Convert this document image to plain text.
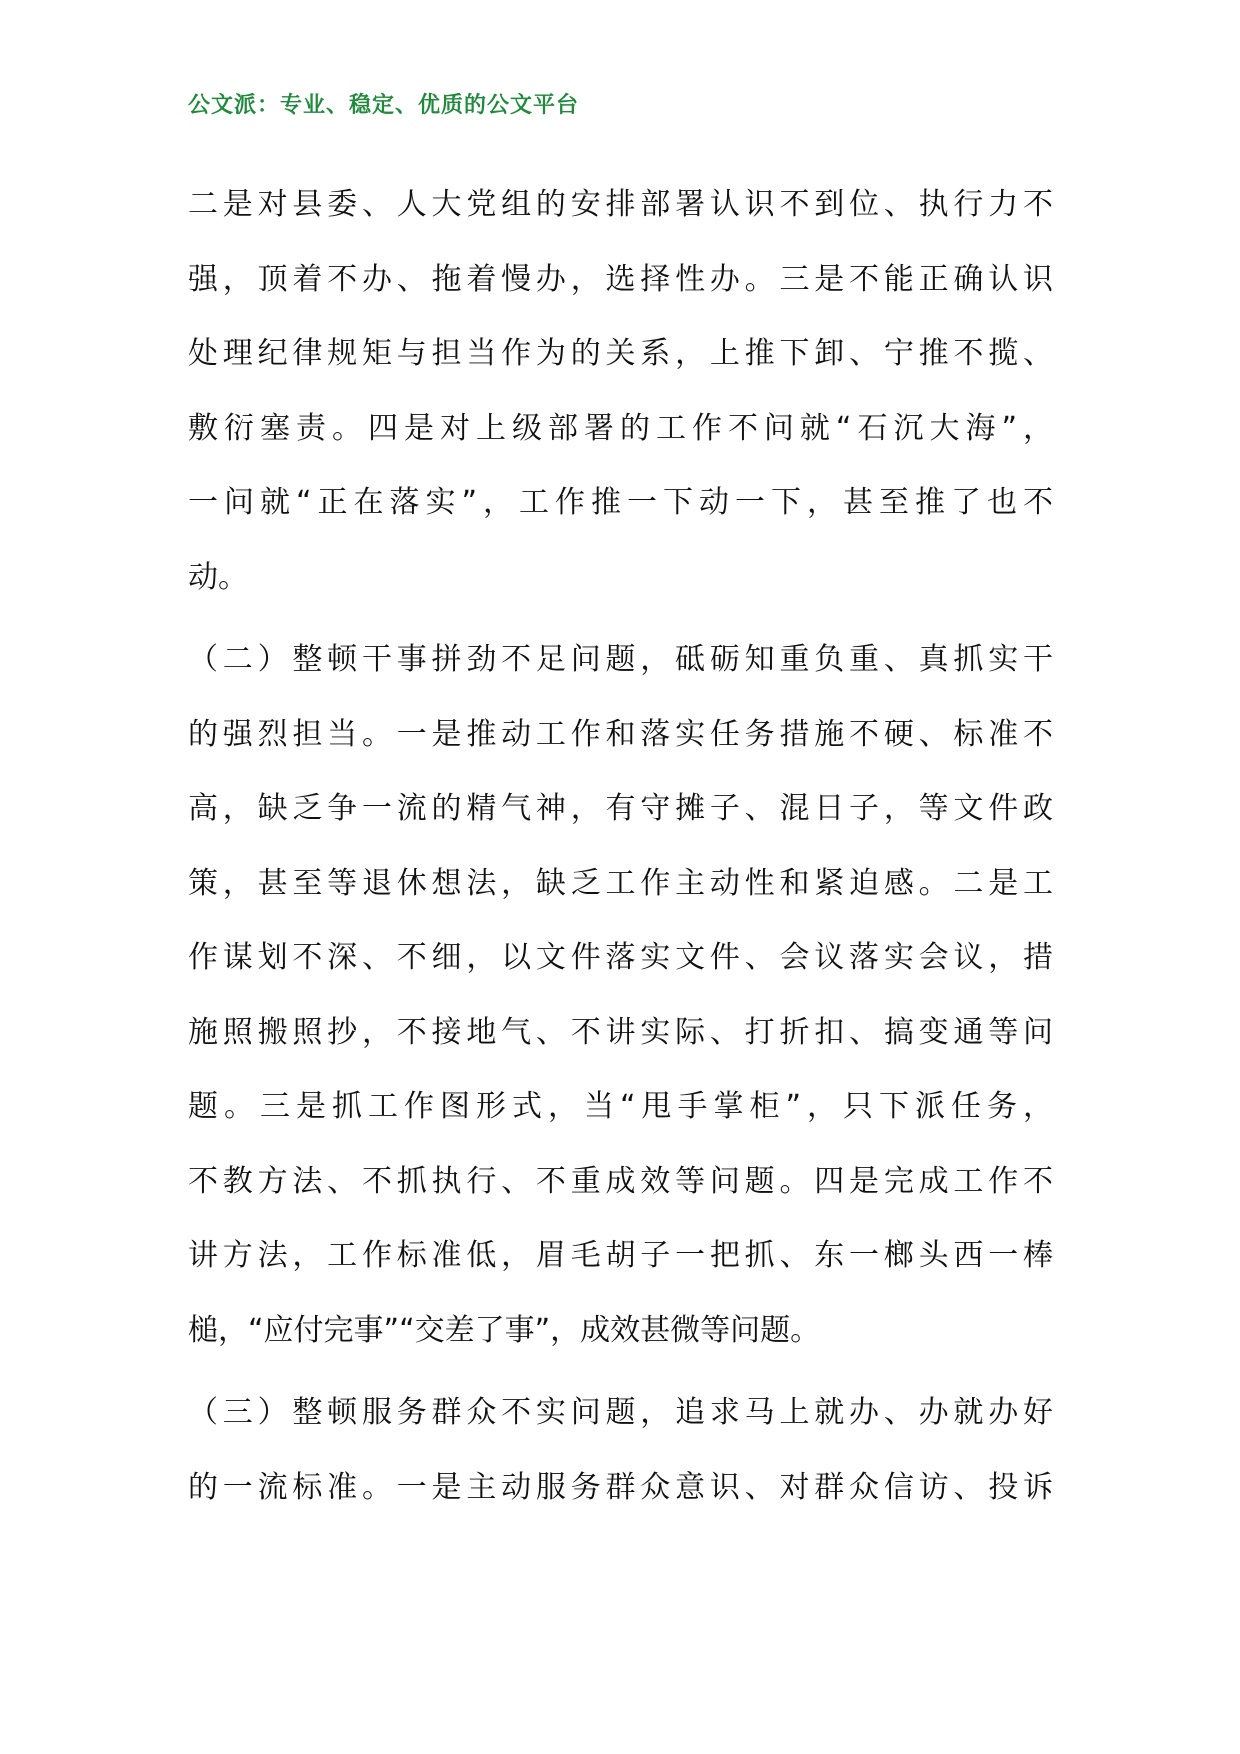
公文派：专业、稳定、优质的公文平台

二是对县委、人大党组的安排部署认识不到位、执行力不
强，顶着不办、拖着慢办，选择性办。三是不能正确认识
处理纪律规矩与担当作为的关系，上推下卸、宁推不揽、
敷衍塞责。四是对上级部署的工作不问就“石沉大海”，
一问就“正在落实”，工作推一下动一下，甚至推了也不
动。

（二）整顿干事拼劲不足问题，砥砺知重负重、真抓实干
的强烈担当。一是推动工作和落实任务措施不硬、标准不
高，缺乏争一流的精气神，有守摊子、混日子，等文件政
策，甚至等退休想法，缺乏工作主动性和紧迫感。二是工
作谋划不深、不细，以文件落实文件、会议落实会议，措
施照搬照抄，不接地气、不讲实际、打折扣、搞变通等问
题。三是抓工作图形式，当“甩手掌柜”，只下派任务，
不教方法、不抓执行、不重成效等问题。四是完成工作不
讲方法，工作标准低，眉毛胡子一把抓、东一榔头西一棒
槌，“应付完事”“交差了事”，成效甚微等问题。

（三）整顿服务群众不实问题，追求马上就办、办就办好
的一流标准。一是主动服务群众意识、对群众信访、投诉
